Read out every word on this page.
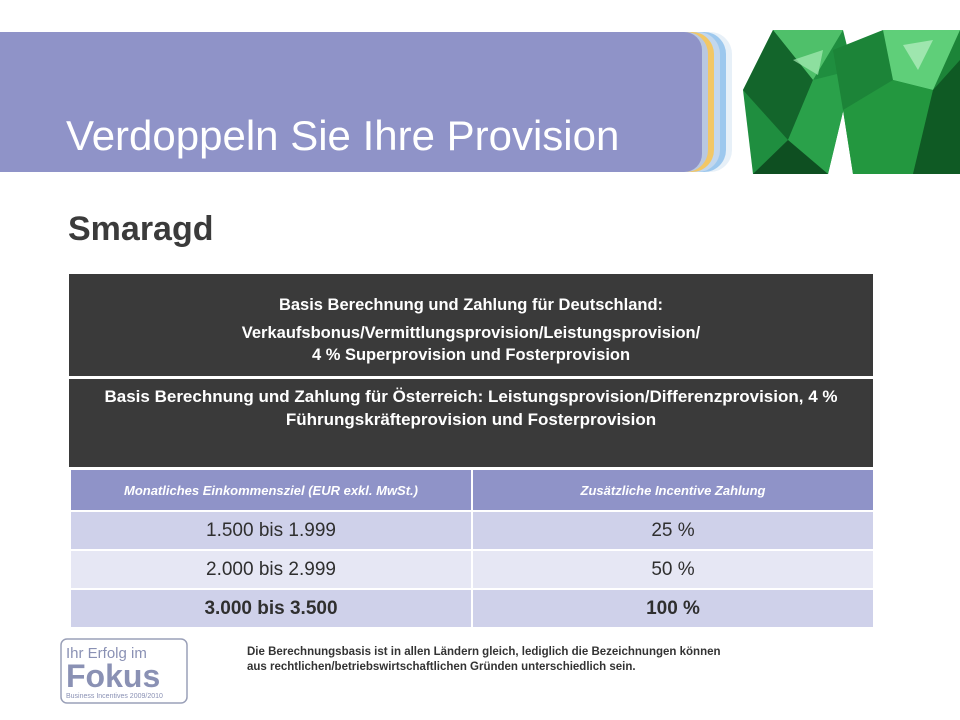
Verdoppeln Sie Ihre Provision
Smaragd
Basis Berechnung und Zahlung für Deutschland:
Verkaufsbonus/Vermittlungsprovision/Leistungsprovision/
4 % Superprovision und Fosterprovision
Basis Berechnung und Zahlung für Österreich: Leistungsprovision/Differenzprovision, 4 % Führungskräfteprovision und Fosterprovision
Monatliches Einkommensziel (EUR exkl. MwSt.)	Zusätzliche Incentive Zahlung
1.500 bis 1.999	25 %
2.000 bis 2.999	50 %
3.000 bis 3.500	100 %
Ihr Erfolg im
Fokus
Business Incentives 2009/2010
Die Berechnungsbasis ist in allen Ländern gleich, lediglich die Bezeichnungen können
aus rechtlichen/betriebswirtschaftlichen Gründen unterschiedlich sein.
